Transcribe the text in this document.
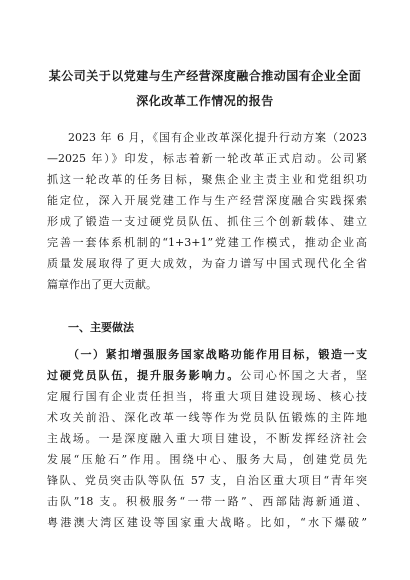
某公司关于以党建与生产经营深度融合推动国有企业全面
深化改革工作情况的报告
2023 年 6 月，《国有企业改革深化提升行动方案（2023
—2025 年）》印发，标志着新一轮改革正式启动。公司紧
抓这一轮改革的任务目标，聚焦企业主责主业和党组织功
能定位，深入开展党建工作与生产经营深度融合实践探索
形成了锻造一支过硬党员队伍、抓住三个创新载体、建立
完善一套体系机制的“1+3+1”党建工作模式，推动企业高
质量发展取得了更大成效，为奋力谱写中国式现代化全省
篇章作出了更大贡献。
一、主要做法
（一）紧扣增强服务国家战略功能作用目标，锻造一支
过硬党员队伍，提升服务影响力。公司心怀国之大者，坚
定履行国有企业责任担当，将重大项目建设现场、核心技
术攻关前沿、深化改革一线等作为党员队伍锻炼的主阵地
主战场。一是深度融入重大项目建设，不断发挥经济社会
发展“压舱石”作用。围绕中心、服务大局，创建党员先
锋队、党员突击队等队伍 57 支，自治区重大项目“青年突
击队”18 支。积极服务“一带一路”、西部陆海新通道、
粤港澳大湾区建设等国家重大战略。比如，“水下爆破”
